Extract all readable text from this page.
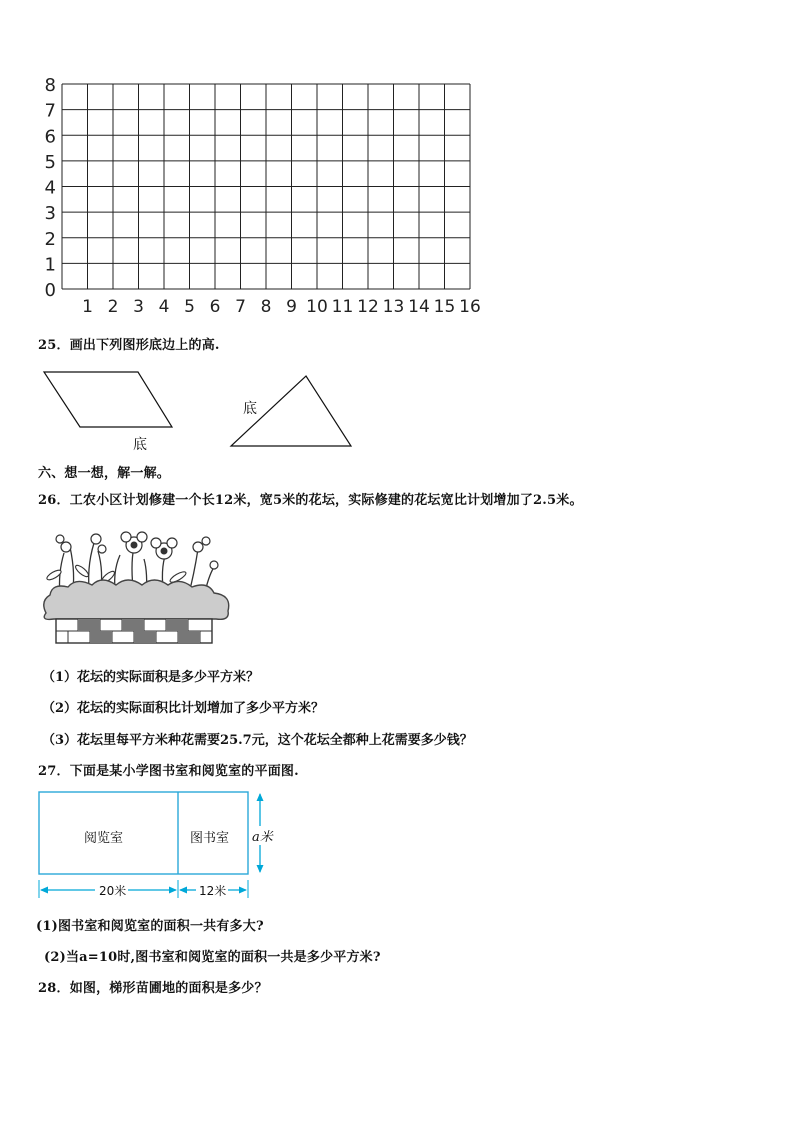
0
1
2
3
4
5
6
7
8
1 2 3 4 5 6 7 8 9 10 11 12 13 14 15 16
25．画出下列图形底边上的高.
底
底
六、想一想，解一解。
26．工农小区计划修建一个长12米，宽5米的花坛，实际修建的花坛宽比计划增加了2.5米。
（1）花坛的实际面积是多少平方米？
（2）花坛的实际面积比计划增加了多少平方米？
（3）花坛里每平方米种花需要25.7元，这个花坛全都种上花需要多少钱？
27．下面是某小学图书室和阅览室的平面图.
阅览室	图书室 a米
20米	12米
(1)图书室和阅览室的面积一共有多大?
(2)当a=10时,图书室和阅览室的面积一共是多少平方米?
28．如图，梯形苗圃地的面积是多少？
